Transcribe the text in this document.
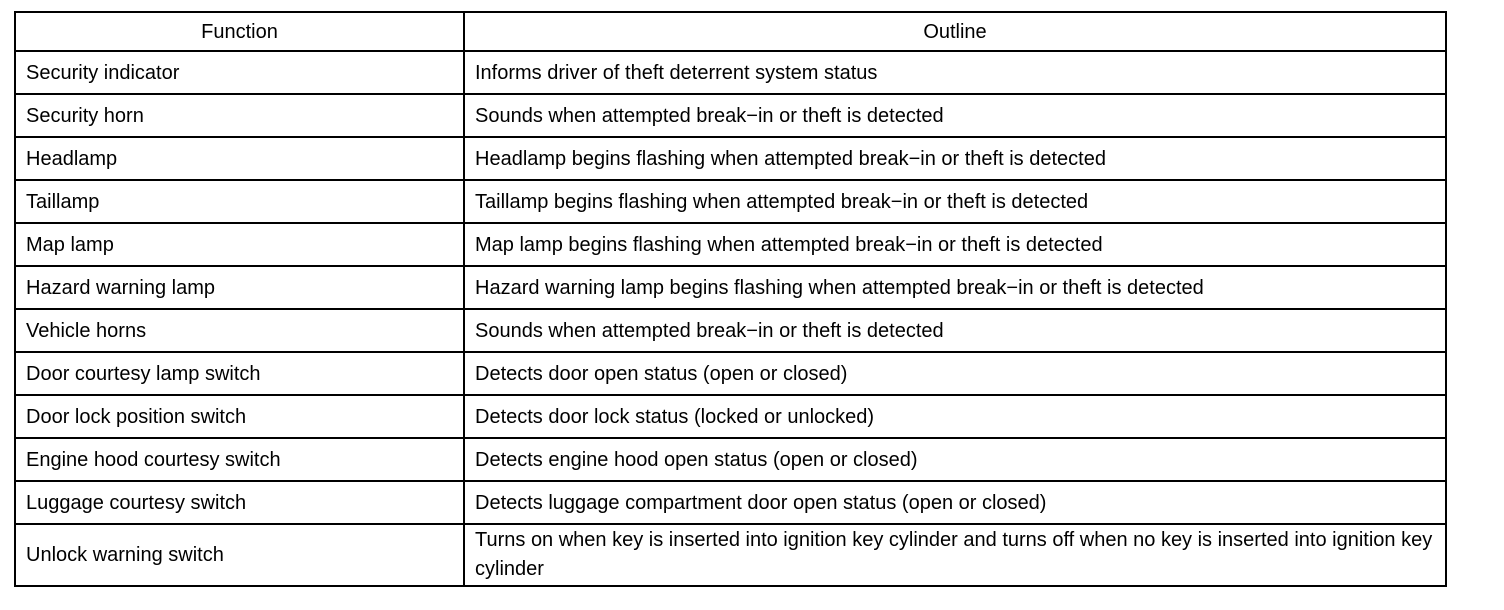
Function	Outline
Security indicator	Informs driver of theft deterrent system status
Security horn	Sounds when attempted break−in or theft is detected
Headlamp	Headlamp begins flashing when attempted break−in or theft is detected
Taillamp	Taillamp begins flashing when attempted break−in or theft is detected
Map lamp	Map lamp begins flashing when attempted break−in or theft is detected
Hazard warning lamp	Hazard warning lamp begins flashing when attempted break−in or theft is detected
Vehicle horns	Sounds when attempted break−in or theft is detected
Door courtesy lamp switch	Detects door open status (open or closed)
Door lock position switch	Detects door lock status (locked or unlocked)
Engine hood courtesy switch	Detects engine hood open status (open or closed)
Luggage courtesy switch	Detects luggage compartment door open status (open or closed)
Unlock warning switch	Turns on when key is inserted into ignition key cylinder and turns off when no key is inserted into ignition key cylinder
